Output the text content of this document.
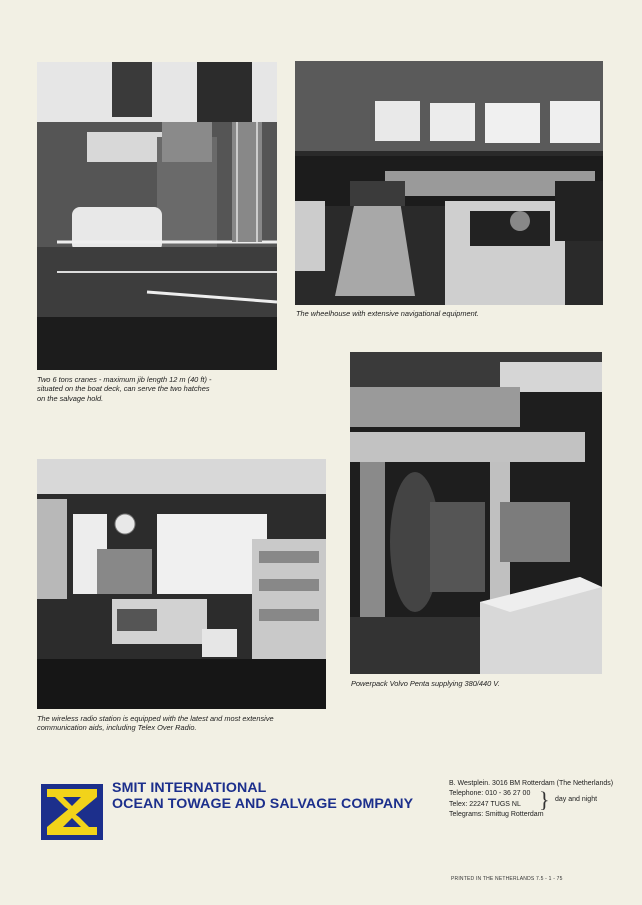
Two 6 tons cranes - maximum jib length 12 m (40 ft) -
situated on the boat deck, can serve the two hatches
on the salvage hold.
The wheelhouse with extensive navigational equipment.
Powerpack Volvo Penta supplying 380/440 V.
The wireless radio station is equipped with the latest and most extensive
communication aids, including Telex Over Radio.
SMIT INTERNATIONAL
OCEAN TOWAGE AND SALVAGE COMPANY
B. Westplein. 3016 BM Rotterdam (The Netherlands)
Telephone: 010 - 36 27 00
Telex: 22247 TUGS NL
Telegrams: Smittug Rotterdam
} day and night
PRINTED IN THE NETHERLANDS 7.5 - 1 - 75
